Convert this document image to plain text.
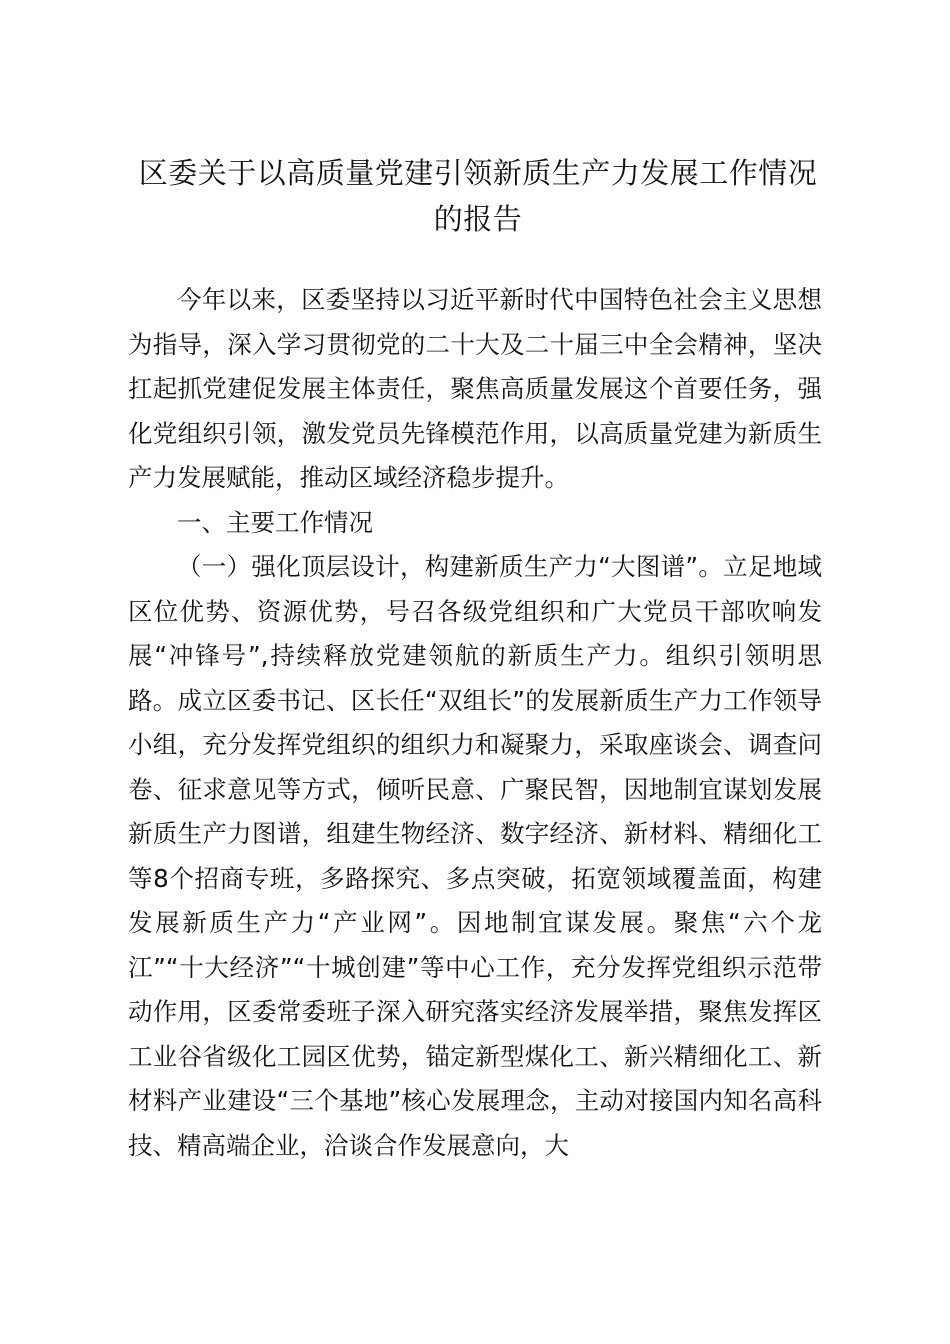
区委关于以高质量党建引领新质生产力发展工作情况的报告

今年以来，区委坚持以习近平新时代中国特色社会主义思想为指导，深入学习贯彻党的二十大及二十届三中全会精神，坚决扛起抓党建促发展主体责任，聚焦高质量发展这个首要任务，强化党组织引领，激发党员先锋模范作用，以高质量党建为新质生产力发展赋能，推动区域经济稳步提升。

一、主要工作情况

（一）强化顶层设计，构建新质生产力“大图谱”。立足地域区位优势、资源优势，号召各级党组织和广大党员干部吹响发展“冲锋号”,持续释放党建领航的新质生产力。组织引领明思路。成立区委书记、区长任“双组长”的发展新质生产力工作领导小组，充分发挥党组织的组织力和凝聚力，采取座谈会、调查问卷、征求意见等方式，倾听民意、广聚民智，因地制宜谋划发展新质生产力图谱，组建生物经济、数字经济、新材料、精细化工等8个招商专班，多路探究、多点突破，拓宽领域覆盖面，构建发展新质生产力“产业网”。因地制宜谋发展。聚焦“六个龙江”“十大经济”“十城创建”等中心工作，充分发挥党组织示范带动作用，区委常委班子深入研究落实经济发展举措，聚焦发挥区工业谷省级化工园区优势，锚定新型煤化工、新兴精细化工、新材料产业建设“三个基地”核心发展理念，主动对接国内知名高科技、精高端企业，洽谈合作发展意向，大
